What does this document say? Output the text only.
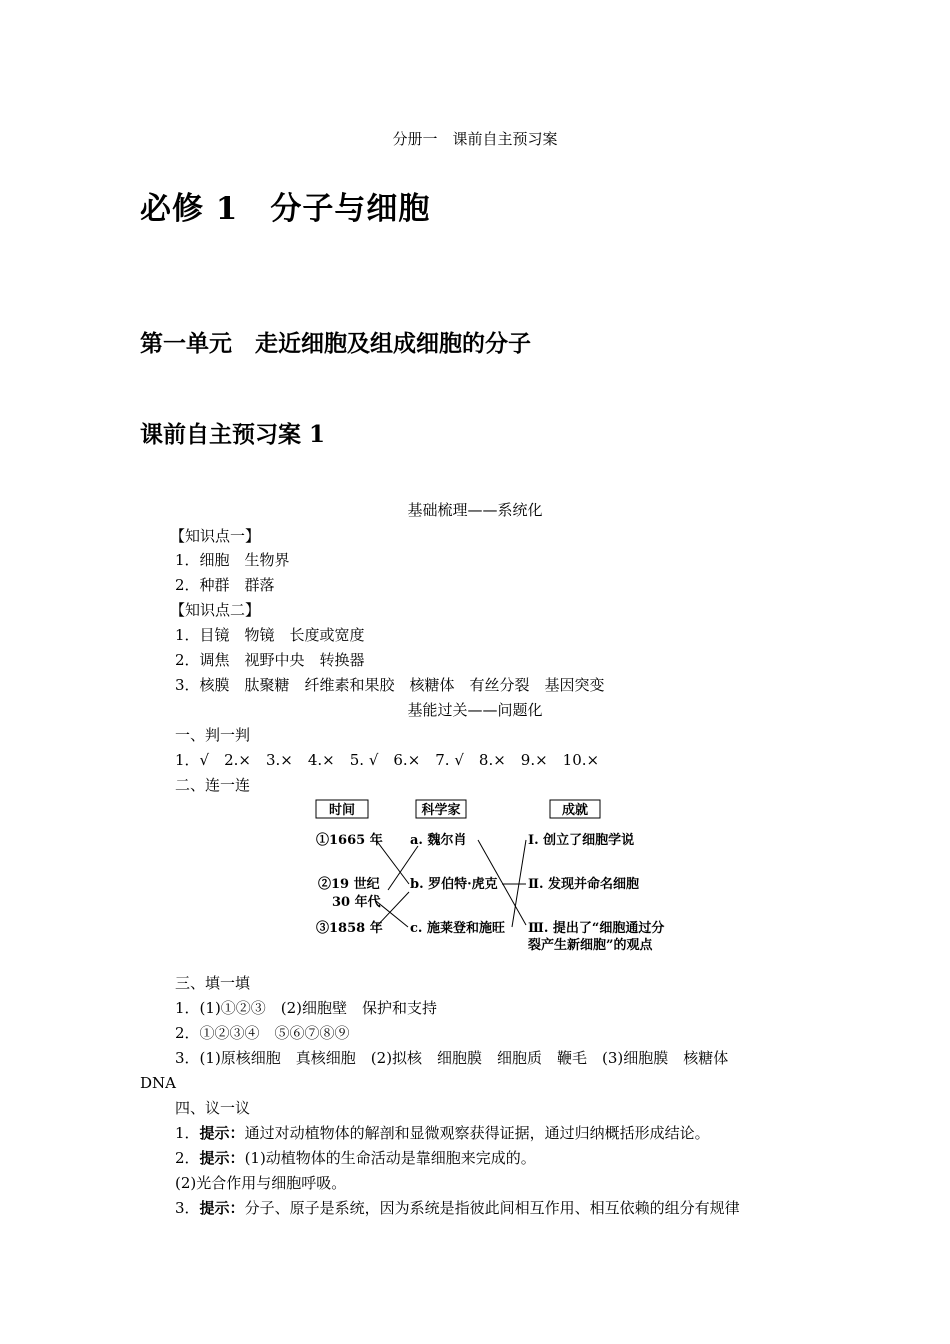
分册一　课前自主预习案
必修 1　分子与细胞
第一单元　走近细胞及组成细胞的分子
课前自主预习案 1
基础梳理——系统化
【知识点一】
1．细胞　生物界
2．种群　群落
【知识点二】
1．目镜　物镜　长度或宽度
2．调焦　视野中央　转换器
3．核膜　肽聚糖　纤维素和果胶　核糖体　有丝分裂　基因突变
基能过关——问题化
一、判一判
1．√　2.×　3.×　4.×　5. √　6.×　7. √　8.×　9.×　10.×
二、连一连
时间	科学家	成就
①1665 年
②19 世纪
30 年代
③1858 年
a. 魏尔肖
b. 罗伯特·虎克
c. 施莱登和施旺
Ⅰ. 创立了细胞学说
Ⅱ. 发现并命名细胞
Ⅲ. 提出了“细胞通过分
裂产生新细胞”的观点
三、填一填
1．(1)①②③　(2)细胞壁　保护和支持
2．①②③④　⑤⑥⑦⑧⑨
3．(1)原核细胞　真核细胞　(2)拟核　细胞膜　细胞质　鞭毛　(3)细胞膜　核糖体
DNA
四、议一议
1．提示：通过对动植物体的解剖和显微观察获得证据，通过归纳概括形成结论。
2．提示：(1)动植物体的生命活动是靠细胞来完成的。
(2)光合作用与细胞呼吸。
3．提示：分子、原子是系统，因为系统是指彼此间相互作用、相互依赖的组分有规律
